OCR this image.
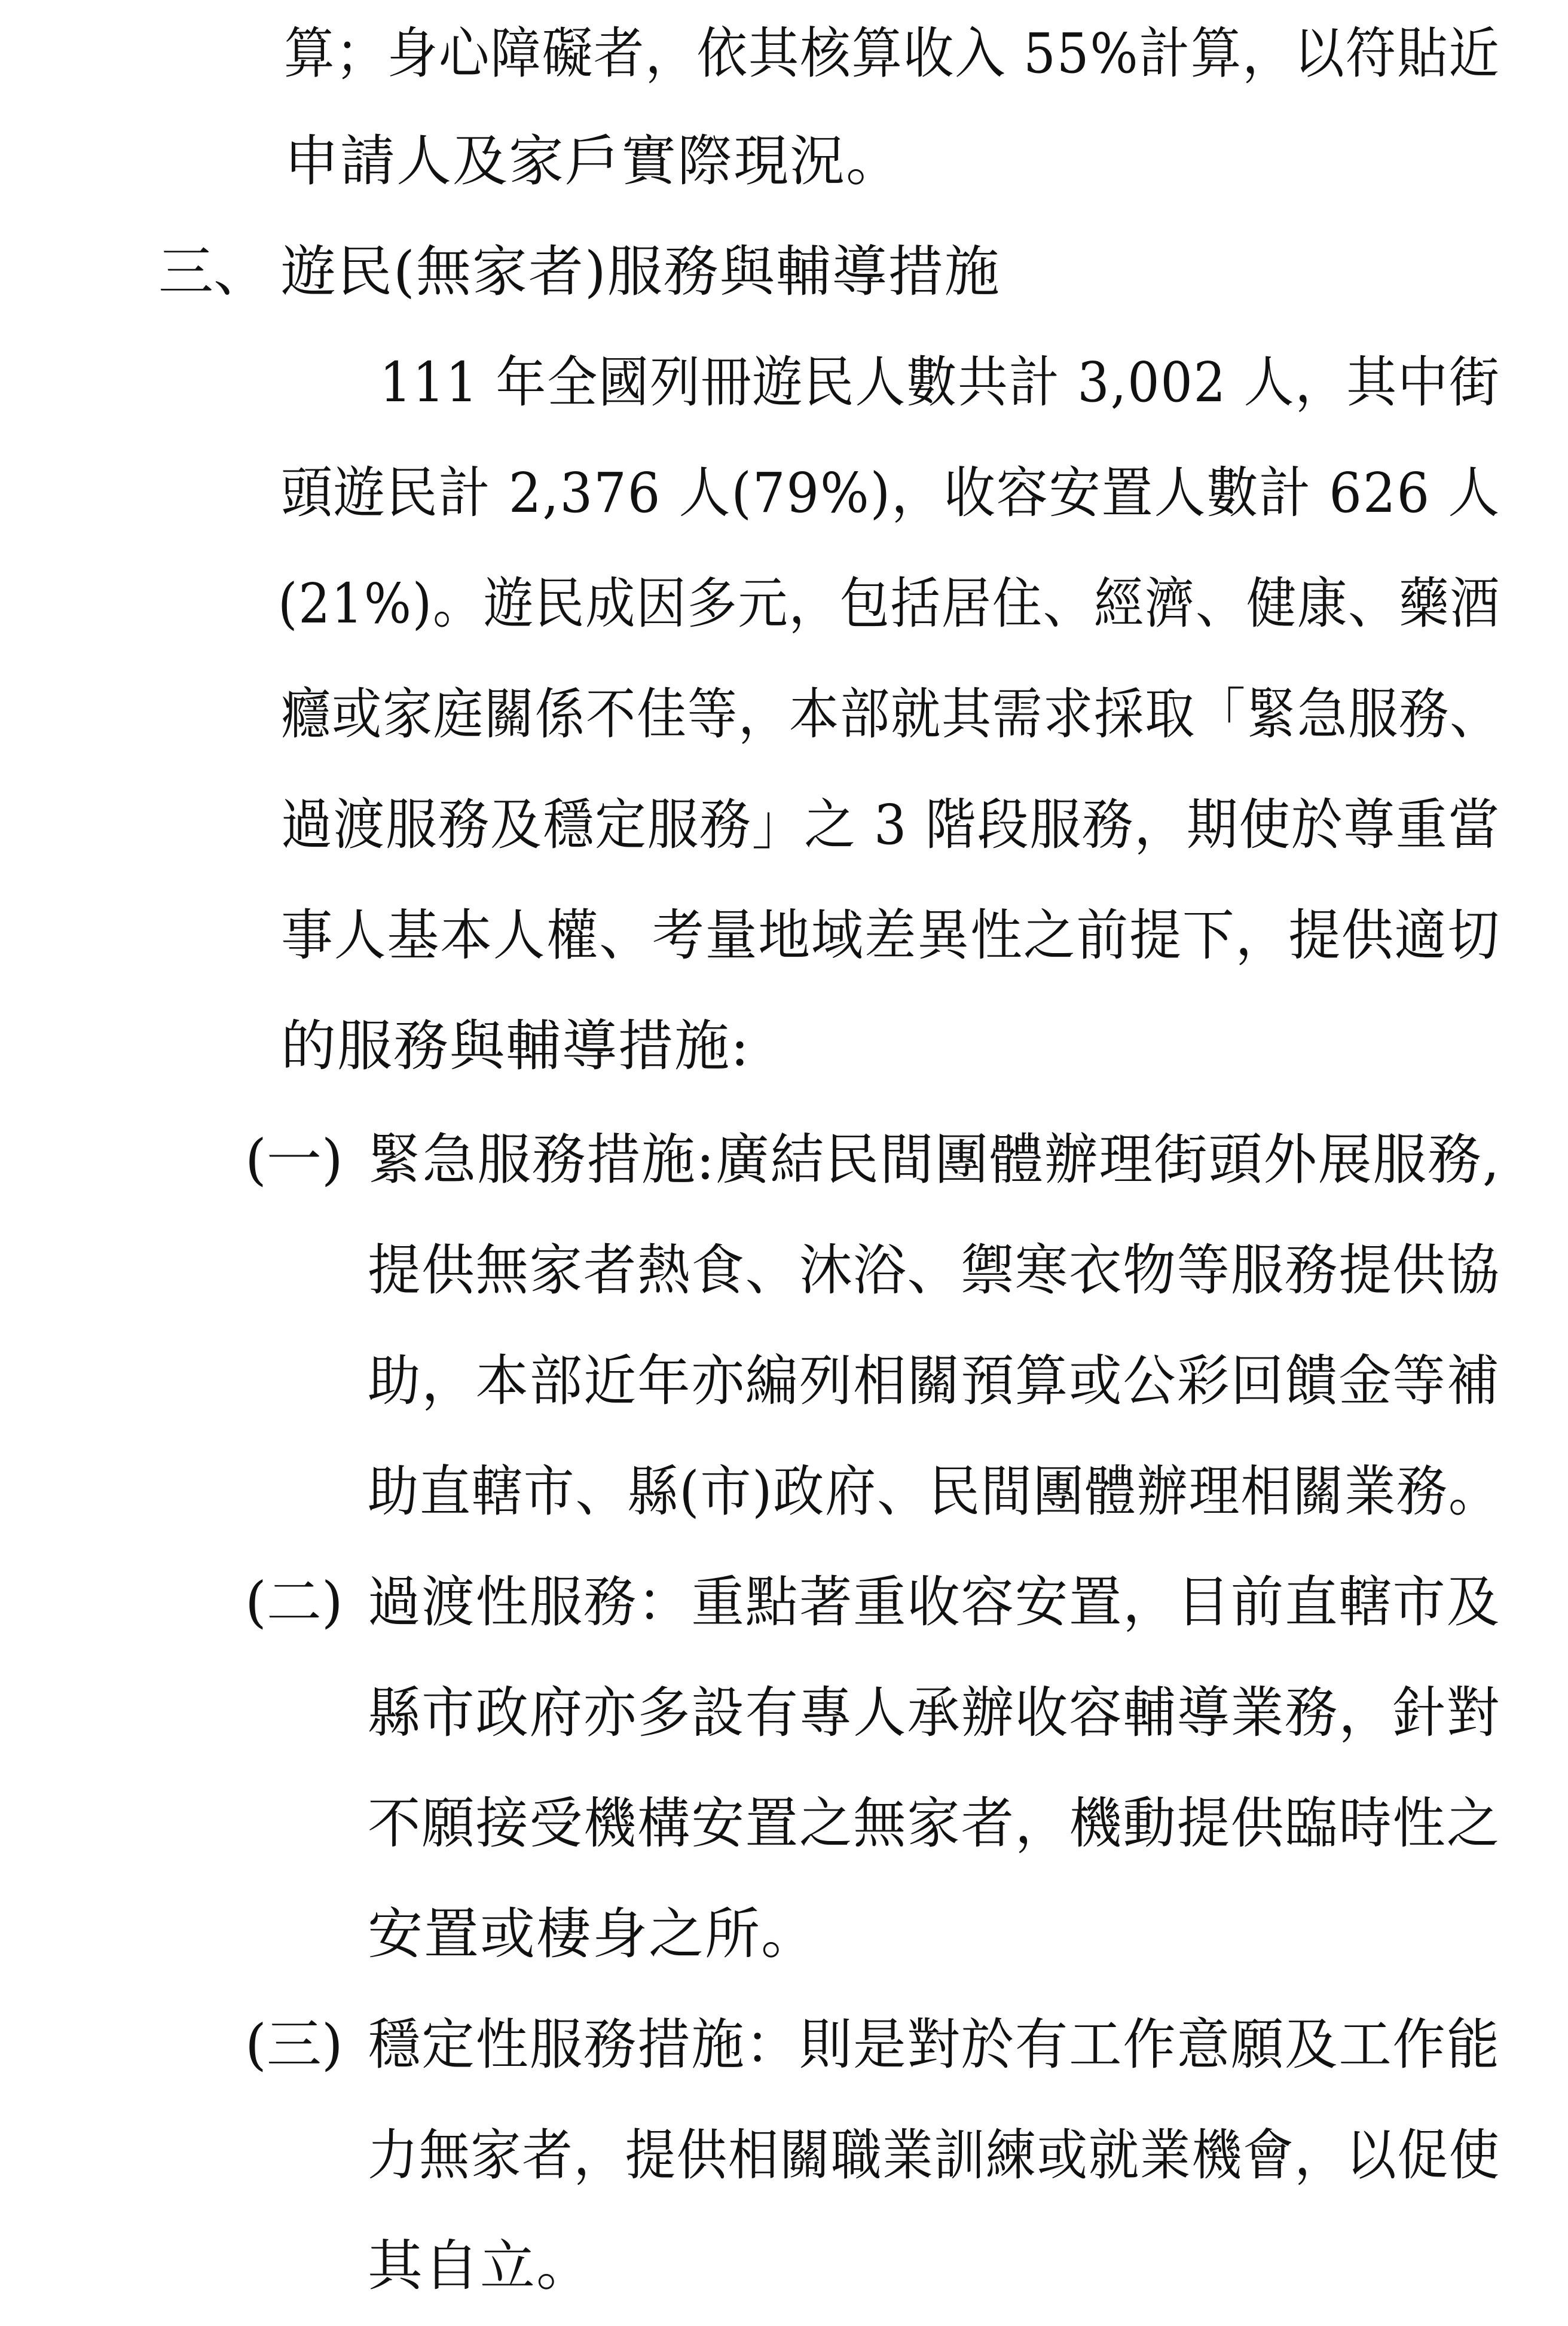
算；身心障礙者，依其核算收入 55%計算，以符貼近
申請人及家戶實際現況。
三、 遊民(無家者)服務與輔導措施
111 年全國列冊遊民人數共計 3,002 人，其中街
頭遊民計 2,376 人(79%)，收容安置人數計 626 人
(21%)。遊民成因多元，包括居住、經濟、健康、藥酒
癮或家庭關係不佳等，本部就其需求採取「緊急服務、
過渡服務及穩定服務」之 3 階段服務，期使於尊重當
事人基本人權、考量地域差異性之前提下，提供適切
的服務與輔導措施:
(一) 緊急服務措施:廣結民間團體辦理街頭外展服務,
提供無家者熱食、沐浴、禦寒衣物等服務提供協
助，本部近年亦編列相關預算或公彩回饋金等補
助直轄市、縣(市)政府、民間團體辦理相關業務。
(二) 過渡性服務：重點著重收容安置，目前直轄市及
縣市政府亦多設有專人承辦收容輔導業務，針對
不願接受機構安置之無家者，機動提供臨時性之
安置或棲身之所。
(三) 穩定性服務措施：則是對於有工作意願及工作能
力無家者，提供相關職業訓練或就業機會，以促使
其自立。
